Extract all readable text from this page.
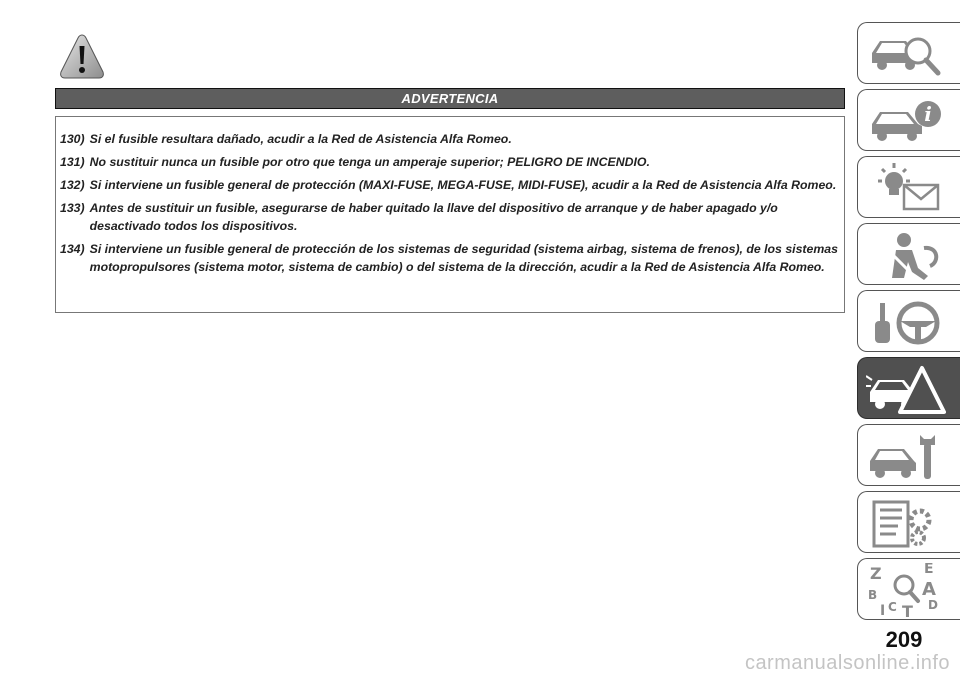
ADVERTENCIA
130 ) Si el fusible resultara dañado, acudir a la Red de Asistencia Alfa Romeo.
131 ) No sustituir nunca un fusible por otro que tenga un amperaje superior; PELIGRO DE INCENDIO.
132 ) Si interviene un fusible general de protección (MAXI-FUSE, MEGA-FUSE, MIDI-FUSE), acudir a la Red de Asistencia Alfa Romeo.
133 ) Antes de sustituir un fusible, asegurarse de haber quitado la llave del dispositivo de arranque y de haber apagado y/o desactivado todos los dispositivos.
134 ) Si interviene un fusible general de protección de los sistemas de seguridad (sistema airbag, sistema de frenos), de los sistemas motopropulsores (sistema motor, sistema de cambio) o del sistema de la dirección, acudir a la Red de Asistencia Alfa Romeo.
i
Z	E
B A
C	D
T
I
209
carmanualsonline.info
